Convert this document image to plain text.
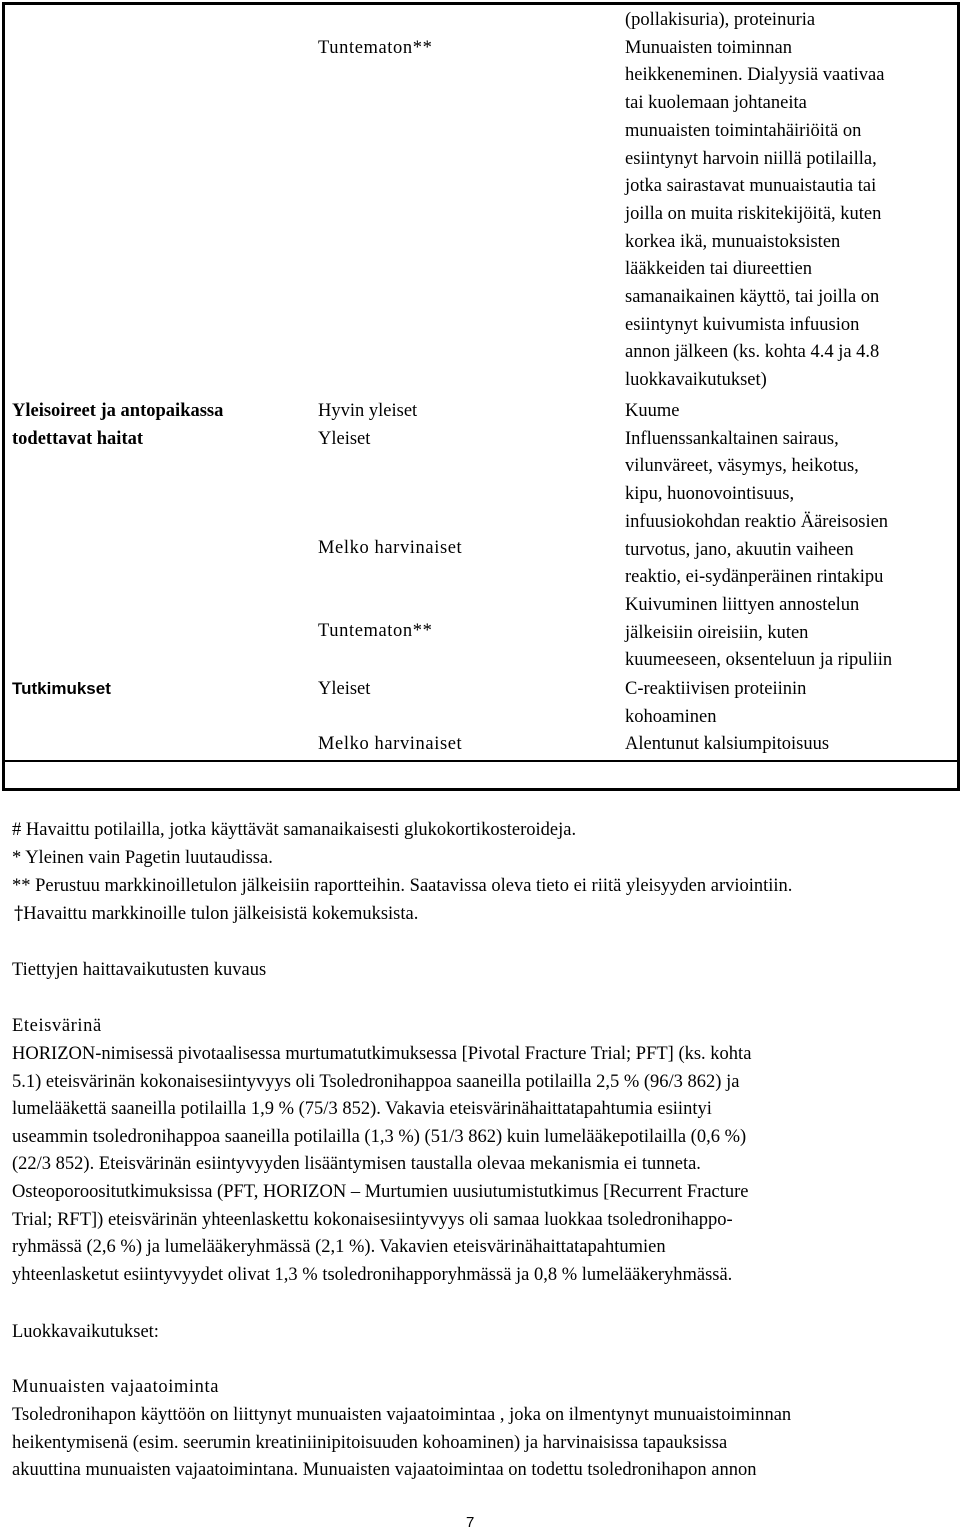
Tuntematon**
(pollakisuria), proteinuria
Munuaisten toiminnan
heikkeneminen. Dialyysiä vaativaa
tai kuolemaan johtaneita
munuaisten toimintahäiriöitä on
esiintynyt harvoin niillä potilailla,
jotka sairastavat munuaistautia tai
joilla on muita riskitekijöitä, kuten
korkea ikä, munuaistoksisten
lääkkeiden tai diureettien
samanaikainen käyttö, tai joilla on
esiintynyt kuivumista infuusion
annon jälkeen (ks. kohta 4.4 ja 4.8
luokkavaikutukset)
Yleisoireet ja antopaikassa
todettavat haitat
Hyvin yleiset
Yleiset
Melko harvinaiset
Tuntematon**
Kuume
Influenssankaltainen sairaus,
vilunväreet, väsymys, heikotus,
kipu, huonovointisuus,
infuusiokohdan reaktio Ääreisosien
turvotus, jano, akuutin vaiheen
reaktio, ei-sydänperäinen rintakipu
Kuivuminen liittyen annostelun
jälkeisiin oireisiin, kuten
kuumeeseen, oksenteluun ja ripuliin
Tutkimukset	Yleiset
Melko harvinaiset
C-reaktiivisen proteiinin
kohoaminen
Alentunut kalsiumpitoisuus
# Havaittu potilailla, jotka käyttävät samanaikaisesti glukokortikosteroideja.
* Yleinen vain Pagetin luutaudissa.
** Perustuu markkinoilletulon jälkeisiin raportteihin. Saatavissa oleva tieto ei riitä yleisyyden arviointiin.
†Havaittu markkinoille tulon jälkeisistä kokemuksista.
Tiettyjen haittavaikutusten kuvaus
Eteisvärinä
HORIZON-nimisessä pivotaalisessa murtumatutkimuksessa [Pivotal Fracture Trial; PFT] (ks. kohta
5.1) eteisvärinän kokonaisesiintyvyys oli Tsoledronihappoa saaneilla potilailla 2,5 % (96/3 862) ja
lumelääkettä saaneilla potilailla 1,9 % (75/3 852). Vakavia eteisvärinähaittatapahtumia esiintyi
useammin tsoledronihappoa saaneilla potilailla (1,3 %) (51/3 862) kuin lumelääkepotilailla (0,6 %)
(22/3 852). Eteisvärinän esiintyvyyden lisääntymisen taustalla olevaa mekanismia ei tunneta.
Osteoporoositutkimuksissa (PFT, HORIZON – Murtumien uusiutumistutkimus [Recurrent Fracture
Trial; RFT]) eteisvärinän yhteenlaskettu kokonaisesiintyvyys oli samaa luokkaa tsoledronihappo-
ryhmässä (2,6 %) ja lumelääkeryhmässä (2,1 %). Vakavien eteisvärinähaittatapahtumien
yhteenlasketut esiintyvyydet olivat 1,3 % tsoledronihapporyhmässä ja 0,8 % lumelääkeryhmässä.
Luokkavaikutukset:
Munuaisten vajaatoiminta
Tsoledronihapon käyttöön on liittynyt munuaisten vajaatoimintaa , joka on ilmentynyt munuaistoiminnan
heikentymisenä (esim. seerumin kreatiniinipitoisuuden kohoaminen) ja harvinaisissa tapauksissa
akuuttina munuaisten vajaatoimintana. Munuaisten vajaatoimintaa on todettu tsoledronihapon annon
7
